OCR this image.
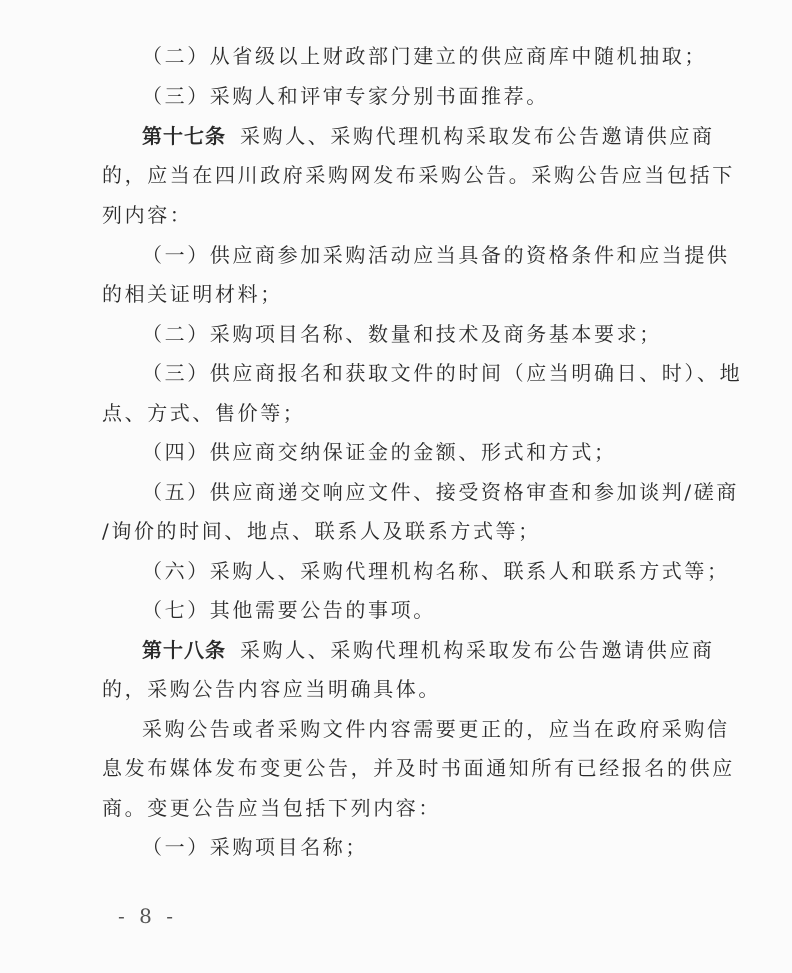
（二）从省级以上财政部门建立的供应商库中随机抽取；
（三）采购人和评审专家分别书面推荐。
第十七条 采购人、采购代理机构采取发布公告邀请供应商
的，应当在四川政府采购网发布采购公告。采购公告应当包括下
列内容：
（一）供应商参加采购活动应当具备的资格条件和应当提供
的相关证明材料；
（二）采购项目名称、数量和技术及商务基本要求；
（三）供应商报名和获取文件的时间（应当明确日、时）、地
点、方式、售价等；
（四）供应商交纳保证金的金额、形式和方式；
（五）供应商递交响应文件、接受资格审查和参加谈判/磋商
/询价的时间、地点、联系人及联系方式等；
（六）采购人、采购代理机构名称、联系人和联系方式等；
（七）其他需要公告的事项。
第十八条 采购人、采购代理机构采取发布公告邀请供应商
的，采购公告内容应当明确具体。
采购公告或者采购文件内容需要更正的，应当在政府采购信
息发布媒体发布变更公告，并及时书面通知所有已经报名的供应
商。变更公告应当包括下列内容：
（一）采购项目名称；
- 8 -
